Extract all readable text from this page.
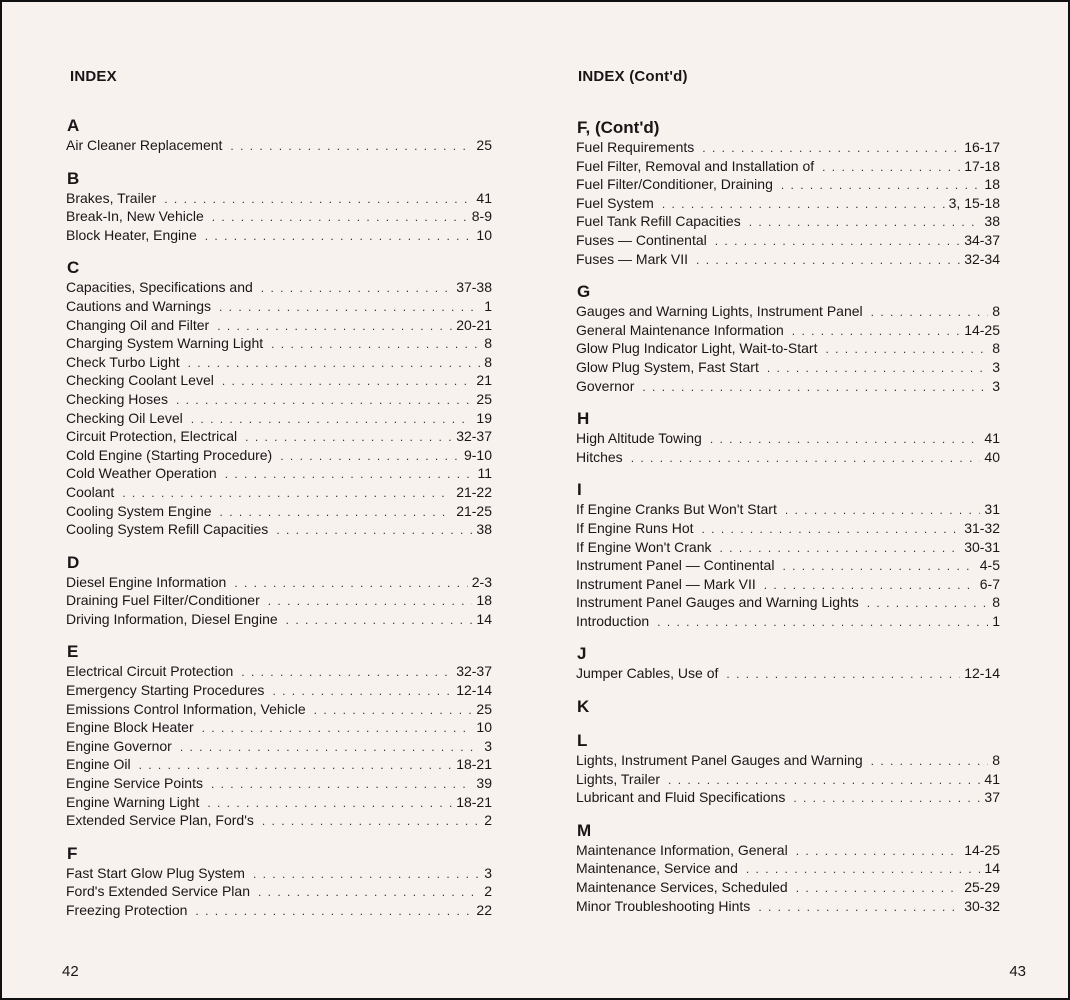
INDEX
A
Air Cleaner Replacement . . .	25
B
Brakes, Trailer . . .	41
Break-In, New Vehicle . . .	8-9
Block Heater, Engine . . .	10
C
Capacities, Specifications and . . .	37-38
Cautions and Warnings . . .	1
Changing Oil and Filter . . .	20-21
Charging System Warning Light . . .	8
Check Turbo Light . . .	8
Checking Coolant Level . . .	21
Checking Hoses . . .	25
Checking Oil Level . . .	19
Circuit Protection, Electrical . . .	32-37
Cold Engine (Starting Procedure) . . .	9-10
Cold Weather Operation . . .	11
Coolant . . .	21-22
Cooling System Engine . . .	21-25
Cooling System Refill Capacities . . .	38
D
Diesel Engine Information . . .	2-3
Draining Fuel Filter/Conditioner . . .	18
Driving Information, Diesel Engine . . .	14
E
Electrical Circuit Protection . . .	32-37
Emergency Starting Procedures . . .	12-14
Emissions Control Information, Vehicle . . .	25
Engine Block Heater . . .	10
Engine Governor . . .	3
Engine Oil . . .	18-21
Engine Service Points . . .	39
Engine Warning Light . . .	18-21
Extended Service Plan, Ford's . . .	2
F
Fast Start Glow Plug System . . .	3
Ford's Extended Service Plan . . .	2
Freezing Protection . . .	22
42
INDEX (Cont'd)
F, (Cont'd)
Fuel Requirements . . .	16-17
Fuel Filter, Removal and Installation of . . .	17-18
Fuel Filter/Conditioner, Draining . . .	18
Fuel System . . .	3, 15-18
Fuel Tank Refill Capacities . . .	38
Fuses — Continental . . .	34-37
Fuses — Mark VII . . .	32-34
G
Gauges and Warning Lights, Instrument Panel . . .	8
General Maintenance Information . . .	14-25
Glow Plug Indicator Light, Wait-to-Start . . .	8
Glow Plug System, Fast Start . . .	3
Governor . . .	3
H
High Altitude Towing . . .	41
Hitches . . .	40
I
If Engine Cranks But Won't Start . . .	31
If Engine Runs Hot . . .	31-32
If Engine Won't Crank . . .	30-31
Instrument Panel — Continental . . .	4-5
Instrument Panel — Mark VII . . .	6-7
Instrument Panel Gauges and Warning Lights . . .	8
Introduction . . .	1
J
Jumper Cables, Use of . . .	12-14
K
L
Lights, Instrument Panel Gauges and Warning . . .	8
Lights, Trailer . . .	41
Lubricant and Fluid Specifications . . .	37
M
Maintenance Information, General . . .	14-25
Maintenance, Service and . . .	14
Maintenance Services, Scheduled . . .	25-29
Minor Troubleshooting Hints . . .	30-32
43
